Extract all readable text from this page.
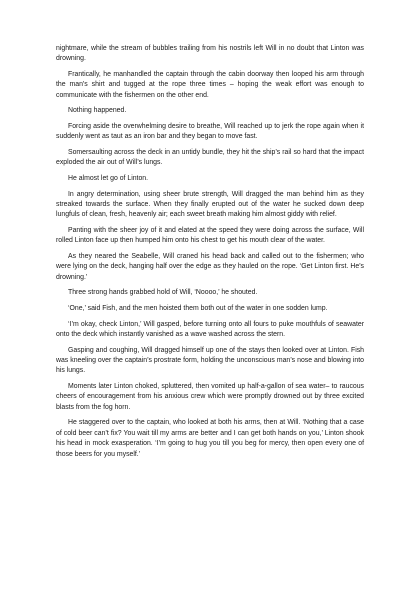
nightmare, while the stream of bubbles trailing from his nostrils left Will in no doubt that Linton was drowning.

Frantically, he manhandled the captain through the cabin doorway then looped his arm through the man’s shirt and tugged at the rope three times – hoping the weak effort was enough to communicate with the fishermen on the other end.

Nothing happened.

Forcing aside the overwhelming desire to breathe, Will reached up to jerk the rope again when it suddenly went as taut as an iron bar and they began to move fast.

Somersaulting across the deck in an untidy bundle, they hit the ship’s rail so hard that the impact exploded the air out of Will’s lungs.

He almost let go of Linton.

In angry determination, using sheer brute strength, Will dragged the man behind him as they streaked towards the surface. When they finally erupted out of the water he sucked down deep lungfuls of clean, fresh, heavenly air; each sweet breath making him almost giddy with relief.

Panting with the sheer joy of it and elated at the speed they were doing across the surface, Will rolled Linton face up then humped him onto his chest to get his mouth clear of the water.

As they neared the Seabelle, Will craned his head back and called out to the fishermen; who were lying on the deck, hanging half over the edge as they hauled on the rope. ‘Get Linton first. He’s drowning.’

Three strong hands grabbed hold of Will, ‘Noooo,’ he shouted.

‘One,’ said Fish, and the men hoisted them both out of the water in one sodden lump.

‘I’m okay, check Linton,’ Will gasped, before turning onto all fours to puke mouthfuls of seawater onto the deck which instantly vanished as a wave washed across the stern.

Gasping and coughing, Will dragged himself up one of the stays then looked over at Linton. Fish was kneeling over the captain’s prostrate form, holding the unconscious man’s nose and blowing into his lungs.

Moments later Linton choked, spluttered, then vomited up half-a-gallon of sea water– to raucous cheers of encouragement from his anxious crew which were promptly drowned out by three excited blasts from the fog horn.

He staggered over to the captain, who looked at both his arms, then at Will. ‘Nothing that a case of cold beer can’t fix? You wait till my arms are better and I can get both hands on you,’ Linton shook his head in mock exasperation. ‘I’m going to hug you till you beg for mercy, then open every one of those beers for you myself.’
